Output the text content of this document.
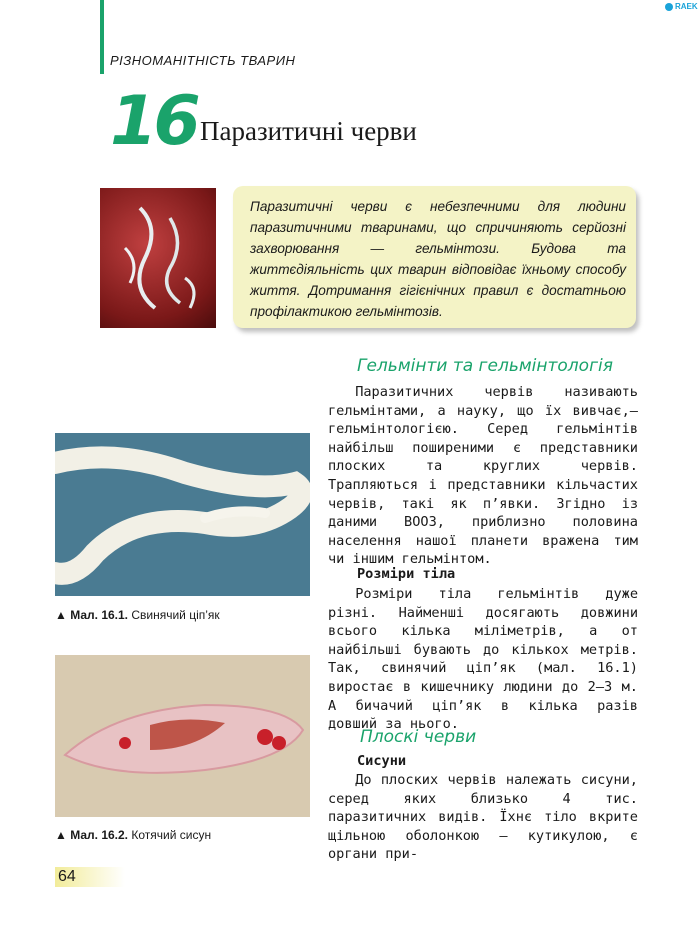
РІЗНОМАНІТНІСТЬ ТВАРИН
RAEK
16 Паразитичні черви
Паразитичні черви є небезпечними для людини паразитичними тваринами, що спричиняють серйозні захворювання — гельмінтози. Будова та життєдіяльність цих тварин відповідає їхньому способу життя. Дотримання гігієнічних правил є достатньою профілактикою гельмінтозів.
▲ Мал. 16.1. Свинячий ціп’як
▲ Мал. 16.2. Котячий сисун
Гельмінти та гельмінтологія

Паразитичних червів називають гельмінтами, а науку, що їх вивчає,— гельмінтологією. Серед гельмінтів найбільш поширеними є представники плоских та круглих червів. Трапляються і представники кільчастих червів, такі як п’явки. Згідно із даними ВООЗ, приблизно половина населення нашої планети вражена тим чи іншим гельмінтом.

Розміри тіла

Розміри тіла гельмінтів дуже різні. Найменші досягають довжини всього кілька міліметрів, а от найбільші бувають до кількох метрів. Так, свинячий ціп’як (мал. 16.1) виростає в кишечнику людини до 2–3 м. А бичачий ціп’як в кілька разів довший за нього.

Плоскі черви
Сисуни

До плоских червів належать сисуни, серед яких близько 4 тис. паразитичних видів. Їхнє тіло вкрите щільною оболонкою — кутикулою, є органи при-

64
